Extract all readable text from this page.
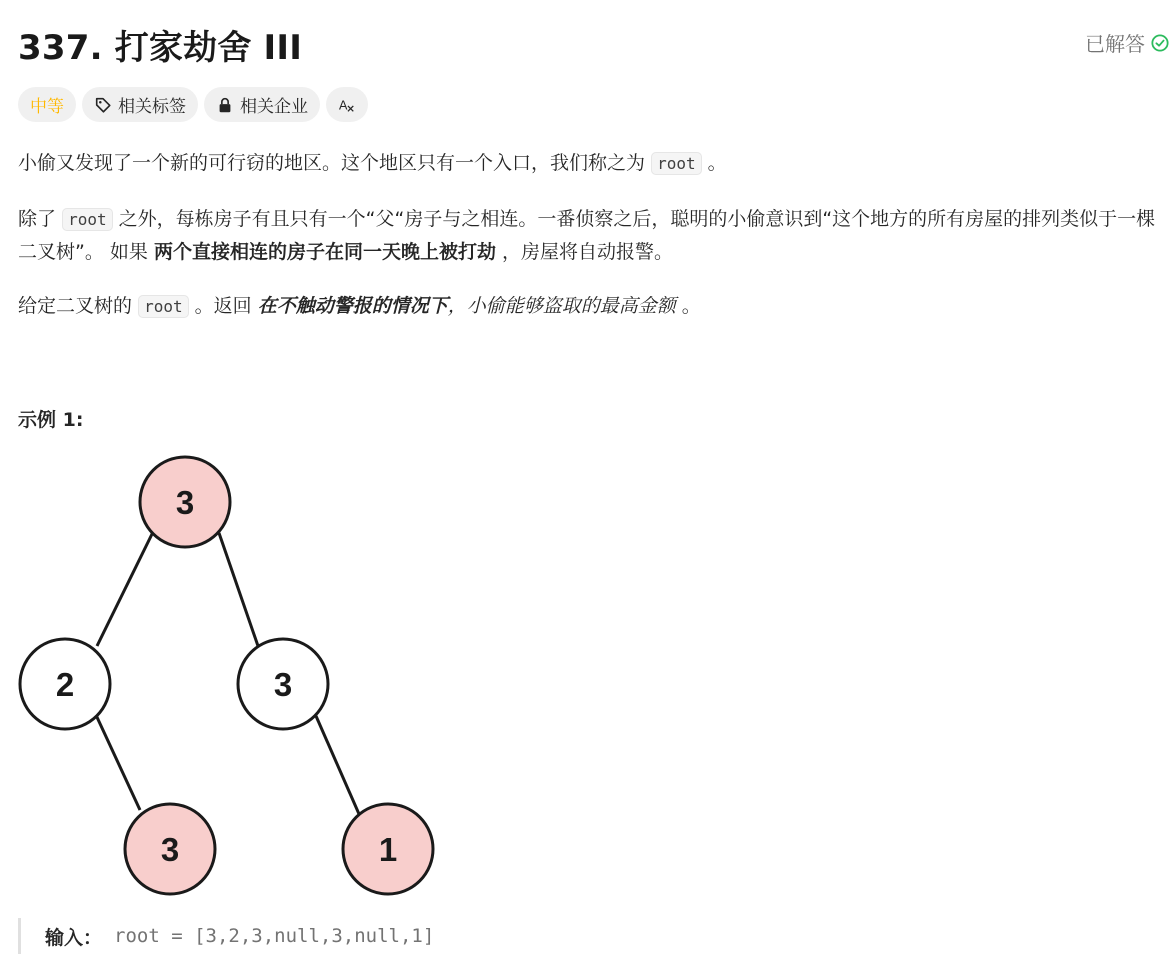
337. 打家劫舍 III	已解答
中等	相关标签	相关企业 A

小偷又发现了一个新的可行窃的地区。这个地区只有一个入口，我们称之为 root 。

除了 root 之外，每栋房子有且只有一个“父“房子与之相连。一番侦察之后，聪明的小偷意识到“这个地方的所有房屋的排列类似于一棵二叉树”。 如果 两个直接相连的房子在同一天晚上被打劫 ，房屋将自动报警。

给定二叉树的 root 。返回 在不触动警报的情况下，小偷能够盗取的最高金额 。

示例 1:
3
2	3
3	1
输入： root = [3,2,3,null,3,null,1]
